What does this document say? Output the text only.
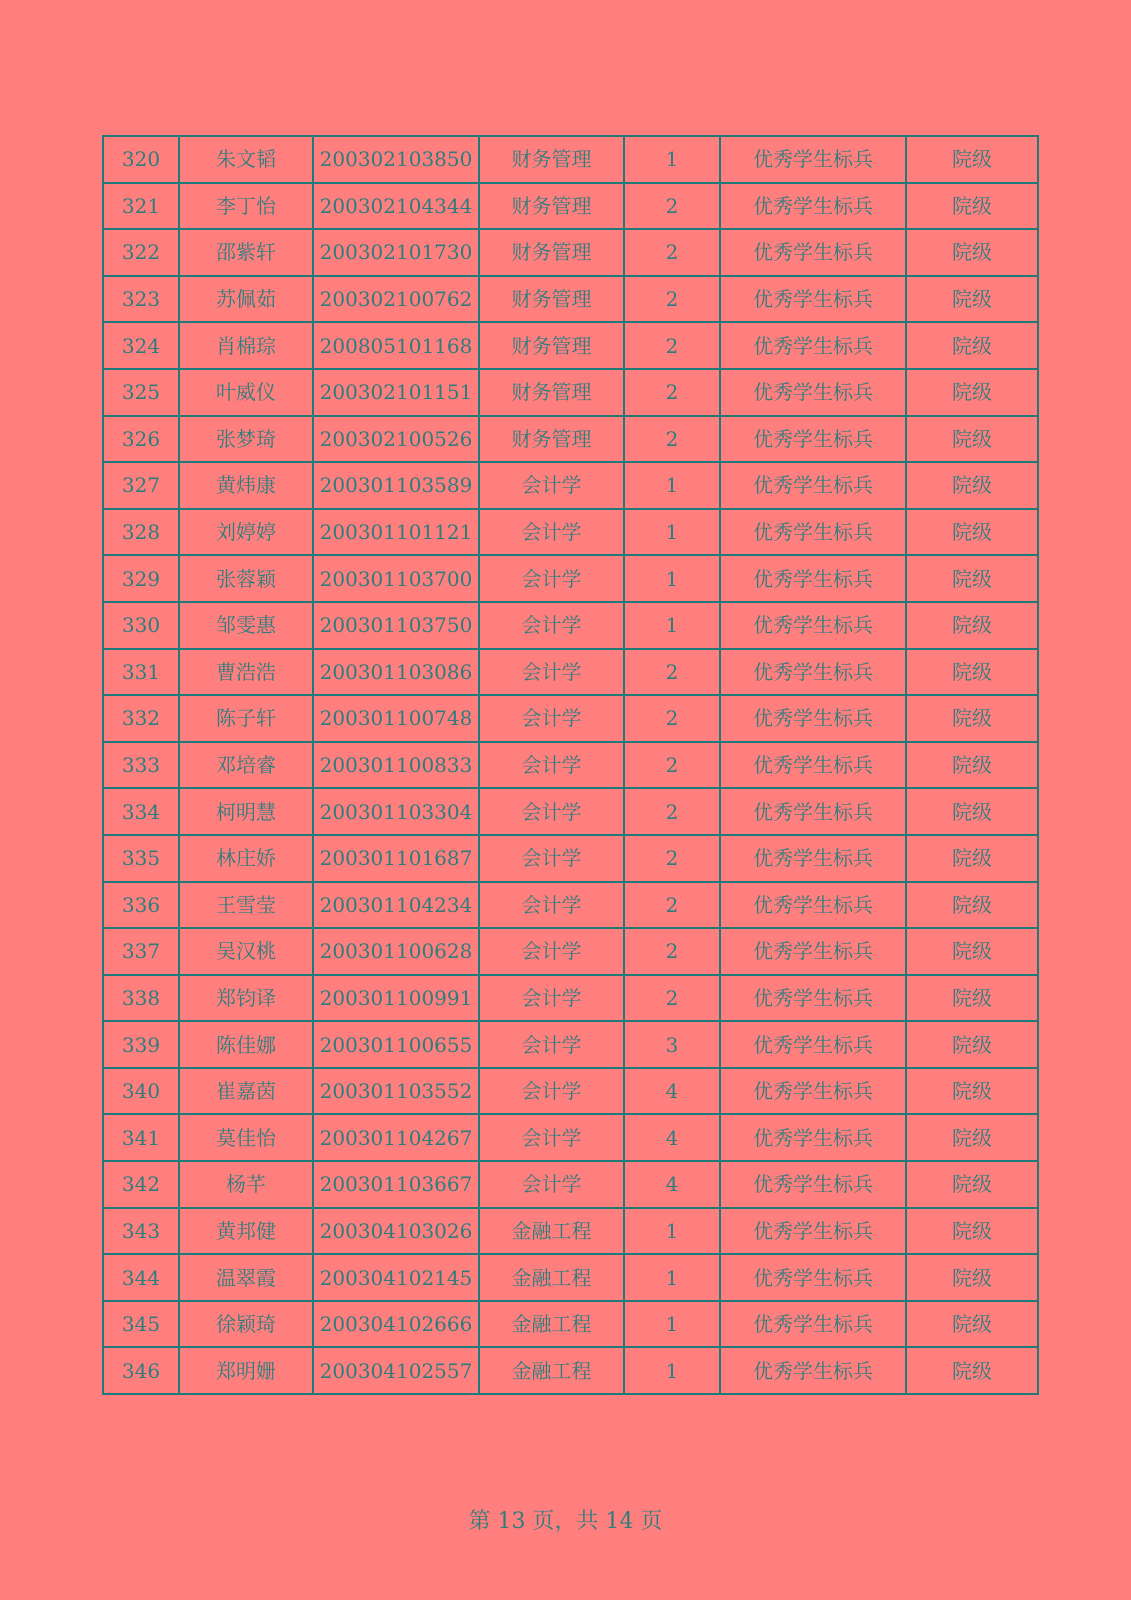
320	朱文韬	200302103850	财务管理	1	优秀学生标兵	院级
321	李丁怡	200302104344	财务管理	2	优秀学生标兵	院级
322	邵紫轩	200302101730	财务管理	2	优秀学生标兵	院级
323	苏佩茹	200302100762	财务管理	2	优秀学生标兵	院级
324	肖棉琮	200805101168	财务管理	2	优秀学生标兵	院级
325	叶威仪	200302101151	财务管理	2	优秀学生标兵	院级
326	张梦琦	200302100526	财务管理	2	优秀学生标兵	院级
327	黄炜康	200301103589	会计学	1	优秀学生标兵	院级
328	刘婷婷	200301101121	会计学	1	优秀学生标兵	院级
329	张蓉颖	200301103700	会计学	1	优秀学生标兵	院级
330	邹雯惠	200301103750	会计学	1	优秀学生标兵	院级
331	曹浩浩	200301103086	会计学	2	优秀学生标兵	院级
332	陈子轩	200301100748	会计学	2	优秀学生标兵	院级
333	邓培睿	200301100833	会计学	2	优秀学生标兵	院级
334	柯明慧	200301103304	会计学	2	优秀学生标兵	院级
335	林庄娇	200301101687	会计学	2	优秀学生标兵	院级
336	王雪莹	200301104234	会计学	2	优秀学生标兵	院级
337	吴汉桃	200301100628	会计学	2	优秀学生标兵	院级
338	郑钧译	200301100991	会计学	2	优秀学生标兵	院级
339	陈佳娜	200301100655	会计学	3	优秀学生标兵	院级
340	崔嘉茵	200301103552	会计学	4	优秀学生标兵	院级
341	莫佳怡	200301104267	会计学	4	优秀学生标兵	院级
342	杨芊	200301103667	会计学	4	优秀学生标兵	院级
343	黄邦健	200304103026	金融工程	1	优秀学生标兵	院级
344	温翠霞	200304102145	金融工程	1	优秀学生标兵	院级
345	徐颖琦	200304102666	金融工程	1	优秀学生标兵	院级
346	郑明姗	200304102557	金融工程	1	优秀学生标兵	院级
第 13 页，共 14 页
